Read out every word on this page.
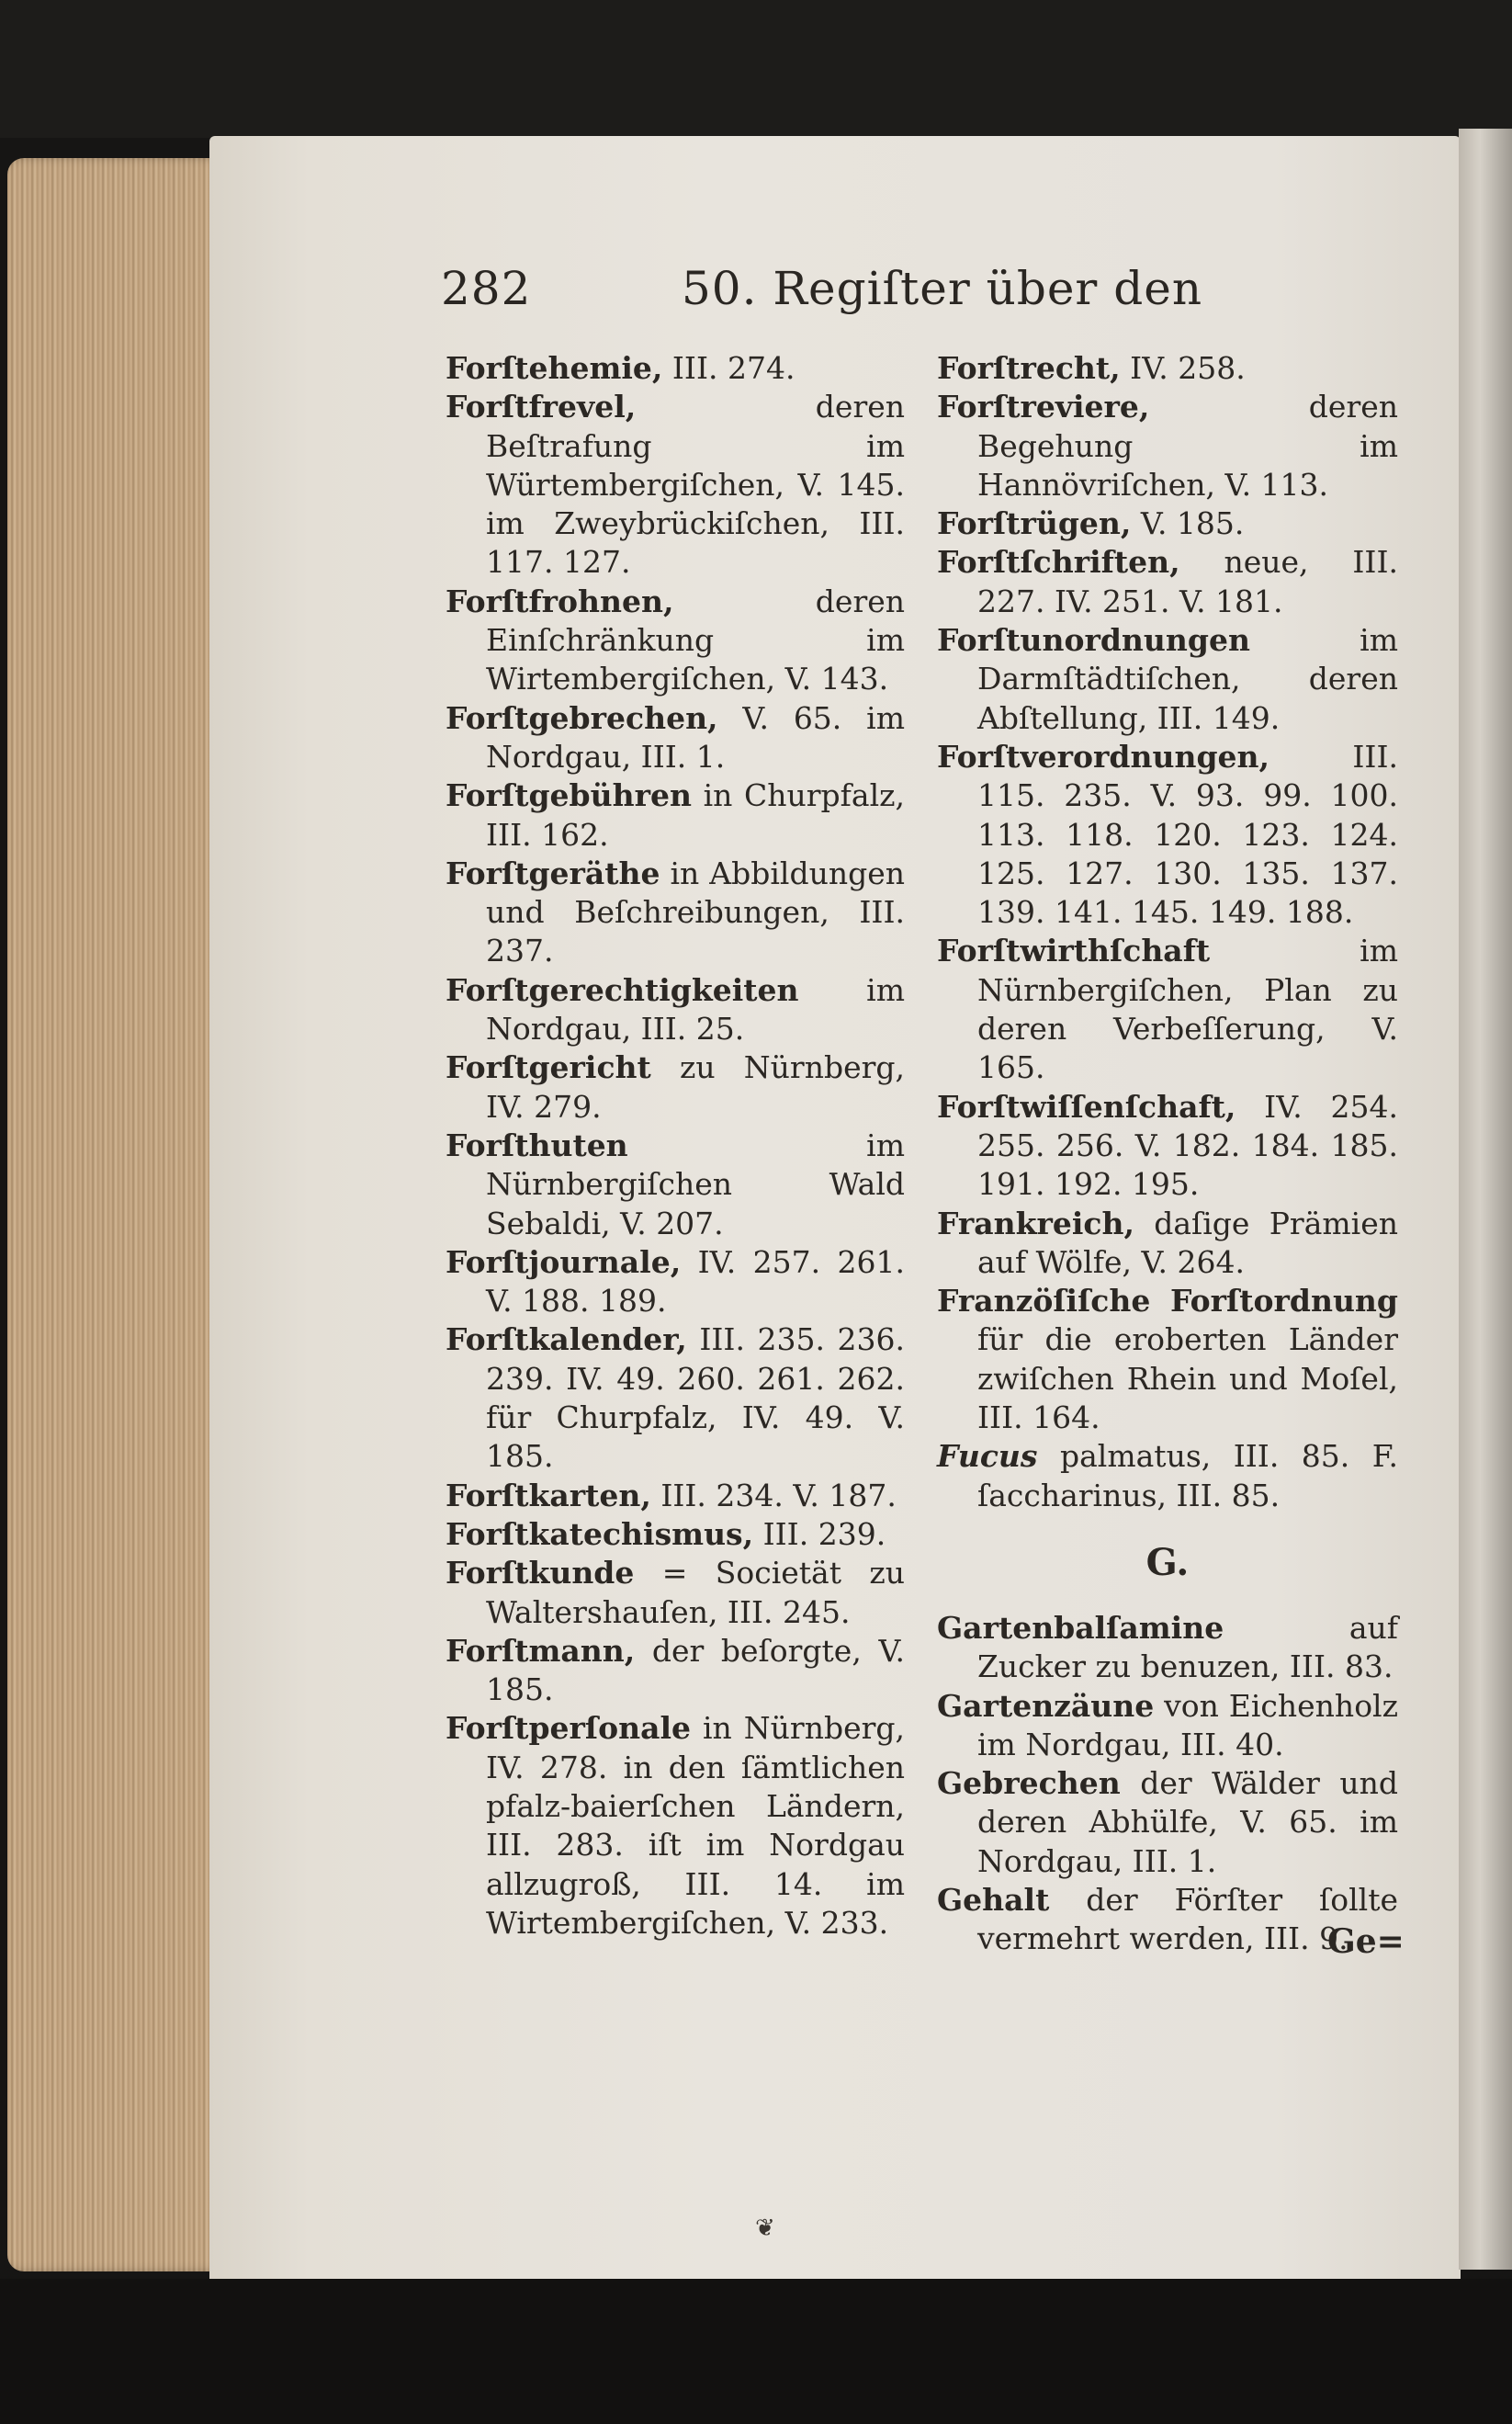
282	50. Regiſter über den

Forſtehemie, III. 274.

Forſtfrevel, deren Beſtrafung im Würtembergiſchen, V. 145. im Zweybrückiſchen, III. 117. 127.

Forſtfrohnen, deren Einſchränkung im Wirtembergiſchen, V. 143.

Forſtgebrechen, V. 65. im Nordgau, III. 1.

Forſtgebühren in Churpfalz, III. 162.

Forſtgeräthe in Abbildungen und Beſchreibungen, III. 237.

Forſtgerechtigkeiten im Nordgau, III. 25.

Forſtgericht zu Nürnberg, IV. 279.

Forſthuten im Nürnbergiſchen Wald Sebaldi, V. 207.

Forſtjournale, IV. 257. 261. V. 188. 189.

Forſtkalender, III. 235. 236. 239. IV. 49. 260. 261. 262. für Churpfalz, IV. 49. V. 185.

Forſtkarten, III. 234. V. 187.

Forſtkatechismus, III. 239.

Forſtkunde = Societät zu Waltershauſen, III. 245.

Forſtmann, der beſorgte, V. 185.

Forſtperſonale in Nürnberg, IV. 278. in den ſämtlichen pfalz-baierſchen Ländern, III. 283. iſt im Nordgau allzugroß, III. 14. im Wirtembergiſchen, V. 233.

Forſtrecht, IV. 258.

Forſtreviere, deren Begehung im Hannövriſchen, V. 113.

Forſtrügen, V. 185.

Forſtſchriften, neue, III. 227. IV. 251. V. 181.

Forſtunordnungen im Darmſtädtiſchen, deren Abſtellung, III. 149.

Forſtverordnungen, III. 115. 235. V. 93. 99. 100. 113. 118. 120. 123. 124. 125. 127. 130. 135. 137. 139. 141. 145. 149. 188.

Forſtwirthſchaft im Nürnbergiſchen, Plan zu deren Verbeſſerung, V. 165.

Forſtwiſſenſchaft, IV. 254. 255. 256. V. 182. 184. 185. 191. 192. 195.

Frankreich, daſige Prämien auf Wölfe, V. 264.

Franzöſiſche Forſtordnung für die eroberten Länder zwiſchen Rhein und Moſel, III. 164.

Fucus palmatus, III. 85. F. ſaccharinus, III. 85.

G.

Gartenbalſamine auf Zucker zu benuzen, III. 83.

Gartenzäune von Eichenholz im Nordgau, III. 40.

Gebrechen der Wälder und deren Abhülfe, V. 65. im Nordgau, III. 1.

Gehalt der Förſter ſollte vermehrt werden, III. 9.

Ge=
❦
